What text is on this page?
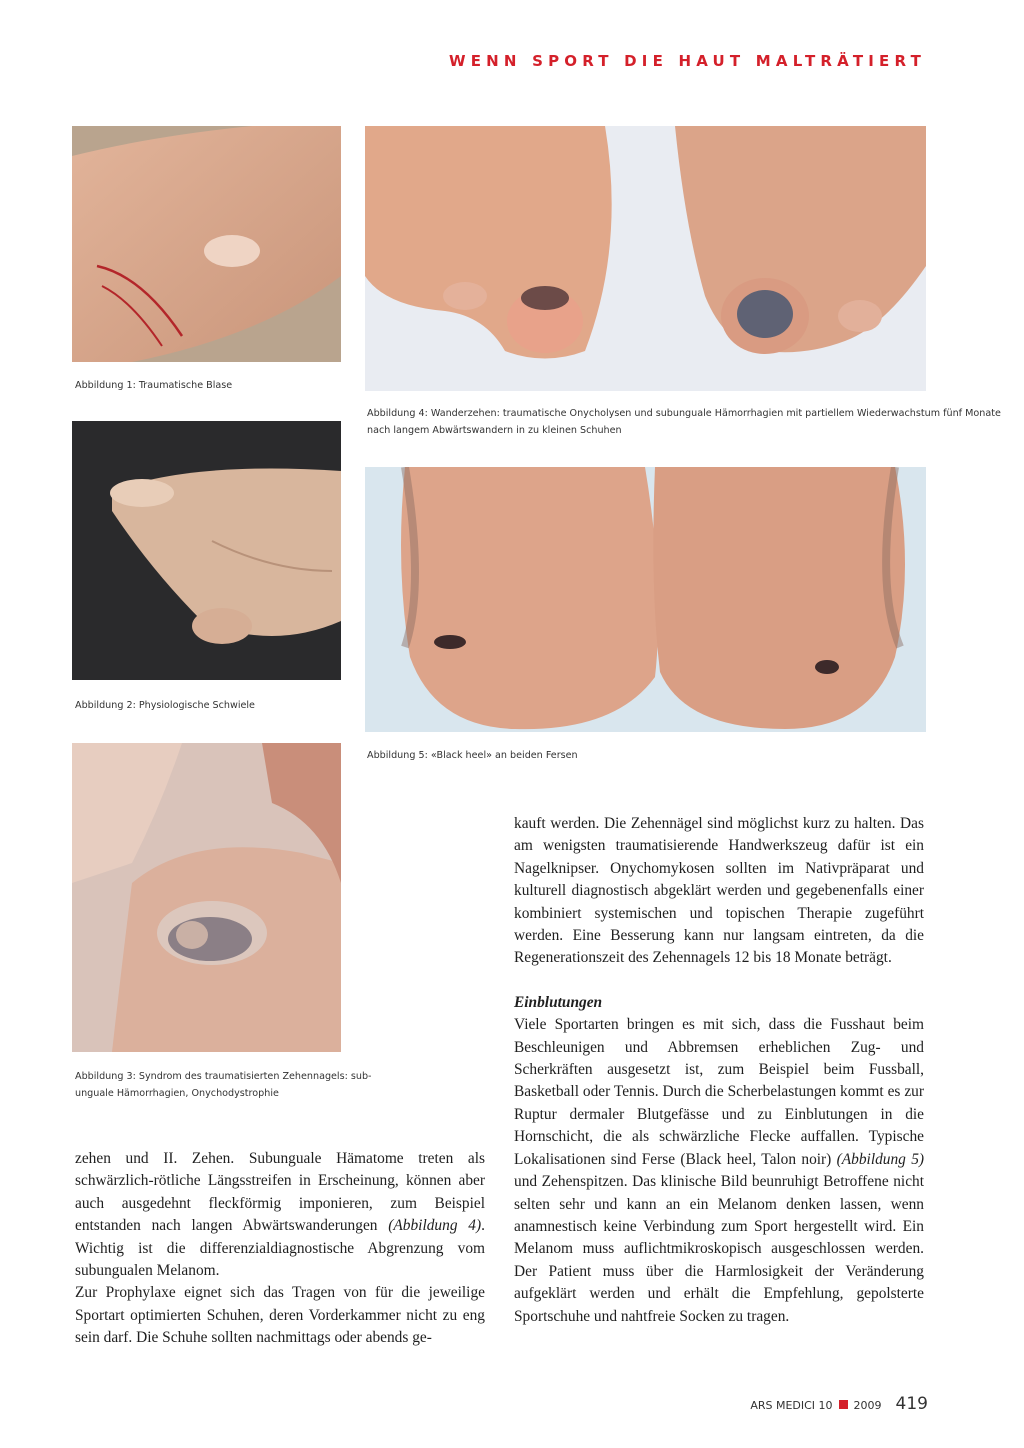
WENN SPORT DIE HAUT MALTRÄTIERT
Abbildung 1: Traumatische Blase
Abbildung 2: Physiologische Schwiele
Abbildung 3: Syndrom des traumatisierten Zehennagels: sub-
unguale Hämorrhagien, Onychodystrophie
Abbildung 4: Wanderzehen: traumatische Onycholysen und subunguale Hämorrhagien mit partiellem Wiederwachstum fünf Monate
nach langem Abwärtswandern in zu kleinen Schuhen
Abbildung 5: «Black heel» an beiden Fersen

zehen und II. Zehen. Subunguale Hämatome treten als schwärzlich-rötliche Längsstreifen in Erscheinung, können aber auch ausgedehnt fleckförmig imponieren, zum Beispiel entstanden nach langen Abwärtswanderungen (Abbildung 4). Wichtig ist die differenzialdiagnostische Abgrenzung vom subungualen Melanom.

Zur Prophylaxe eignet sich das Tragen von für die jeweilige Sportart optimierten Schuhen, deren Vorderkammer nicht zu eng sein darf. Die Schuhe sollten nachmittags oder abends ge-

kauft werden. Die Zehennägel sind möglichst kurz zu halten. Das am wenigsten traumatisierende Handwerkszeug dafür ist ein Nagelknipser. Onychomykosen sollten im Nativpräparat und kulturell diagnostisch abgeklärt werden und gegebenenfalls einer kombiniert systemischen und topischen Therapie zugeführt werden. Eine Besserung kann nur langsam eintreten, da die Regenerationszeit des Zehennagels 12 bis 18 Monate beträgt.

Einblutungen

Viele Sportarten bringen es mit sich, dass die Fusshaut beim Beschleunigen und Abbremsen erheblichen Zug- und Scherkräften ausgesetzt ist, zum Beispiel beim Fussball, Basketball oder Tennis. Durch die Scherbelastungen kommt es zur Ruptur dermaler Blutgefässe und zu Einblutungen in die Hornschicht, die als schwärzliche Flecke auffallen. Typische Lokalisationen sind Ferse (Black heel, Talon noir) (Abbildung 5) und Zehenspitzen. Das klinische Bild beunruhigt Betroffene nicht selten sehr und kann an ein Melanom denken lassen, wenn anamnestisch keine Verbindung zum Sport hergestellt wird. Ein Melanom muss auflichtmikroskopisch ausgeschlossen werden. Der Patient muss über die Harmlosigkeit der Veränderung aufgeklärt werden und erhält die Empfehlung, gepolsterte Sportschuhe und nahtfreie Socken zu tragen.

ARS MEDICI 10 2009 419
